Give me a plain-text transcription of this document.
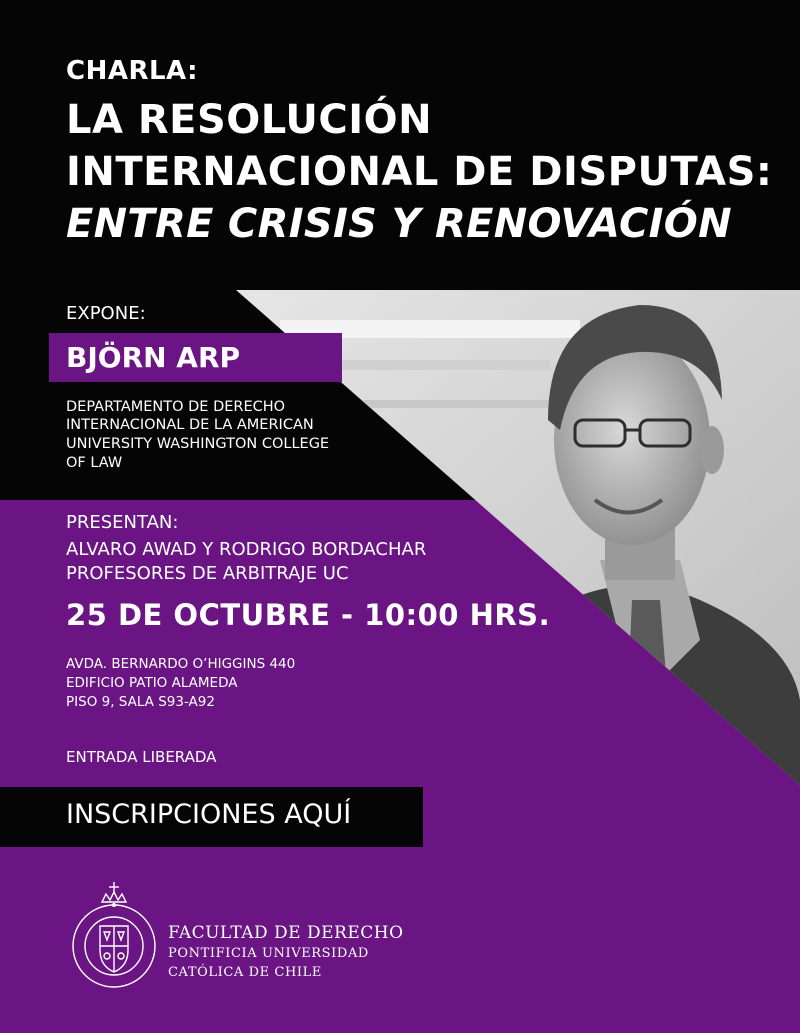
CHARLA:
LA RESOLUCIÓN
INTERNACIONAL DE DISPUTAS:
ENTRE CRISIS Y RENOVACIÓN
EXPONE:
BJÖRN ARP
DEPARTAMENTO DE DERECHO
INTERNACIONAL DE LA AMERICAN
UNIVERSITY WASHINGTON COLLEGE
OF LAW
PRESENTAN:
ALVARO AWAD Y RODRIGO BORDACHAR
PROFESORES DE ARBITRAJE UC
25 DE OCTUBRE - 10:00 HRS.
AVDA. BERNARDO O’HIGGINS 440
EDIFICIO PATIO ALAMEDA
PISO 9, SALA S93-A92
ENTRADA LIBERADA
INSCRIPCIONES AQUÍ
FACULTAD DE DERECHO
PONTIFICIA UNIVERSIDAD
CATÓLICA DE CHILE
